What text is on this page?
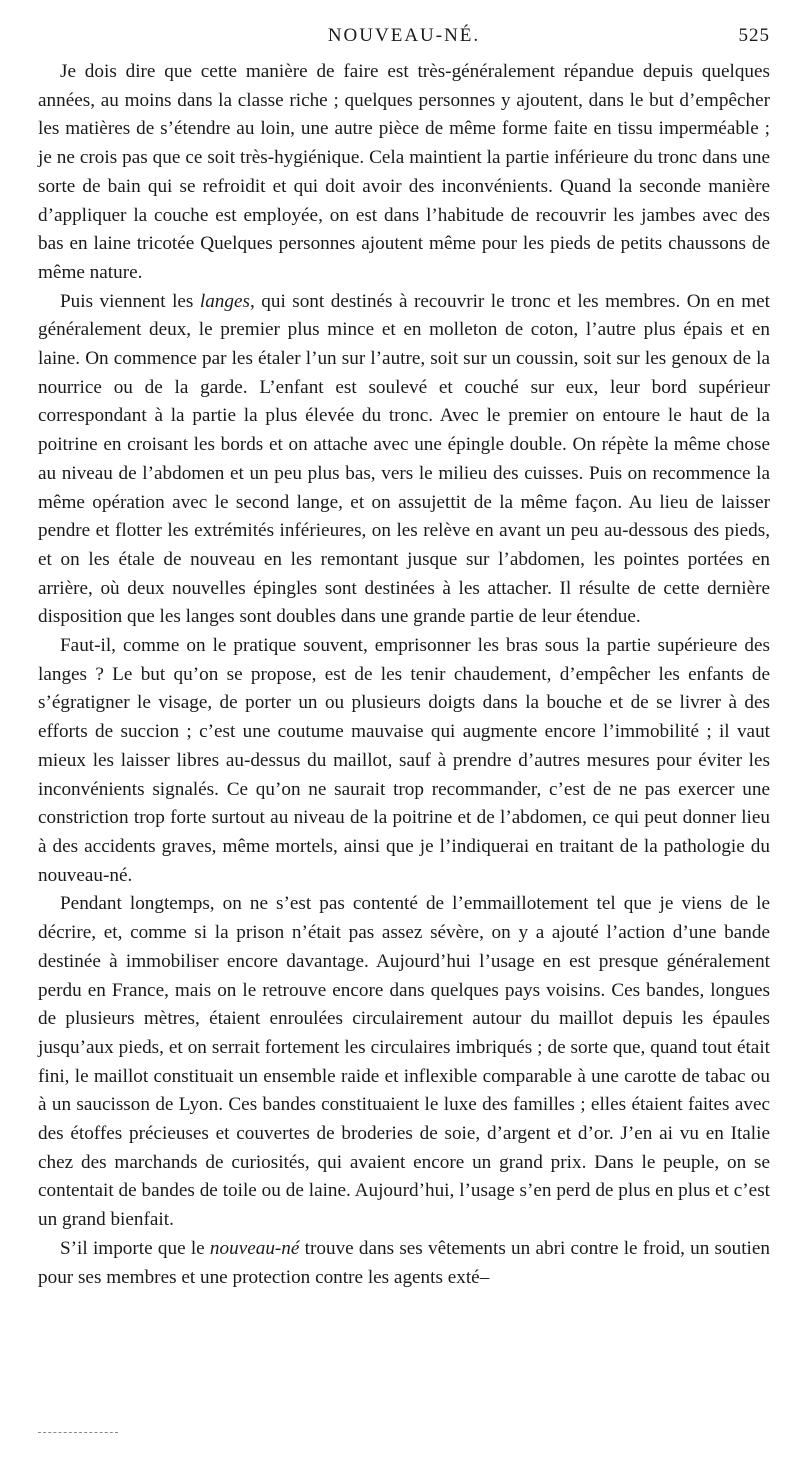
NOUVEAU-NÉ.	525

Je dois dire que cette manière de faire est très-généralement répandue depuis quelques années, au moins dans la classe riche ; quelques personnes y ajoutent, dans le but d’empêcher les matières de s’étendre au loin, une autre pièce de même forme faite en tissu imperméable ; je ne crois pas que ce soit très-hygiénique. Cela maintient la partie inférieure du tronc dans une sorte de bain qui se refroidit et qui doit avoir des inconvénients. Quand la seconde manière d’appliquer la couche est employée, on est dans l’habitude de recouvrir les jambes avec des bas en laine tricotée Quelques personnes ajoutent même pour les pieds de petits chaussons de même nature.

Puis viennent les langes, qui sont destinés à recouvrir le tronc et les membres. On en met généralement deux, le premier plus mince et en molleton de coton, l’autre plus épais et en laine. On commence par les étaler l’un sur l’autre, soit sur un coussin, soit sur les genoux de la nourrice ou de la garde. L’enfant est soulevé et couché sur eux, leur bord supérieur correspondant à la partie la plus élevée du tronc. Avec le premier on entoure le haut de la poitrine en croisant les bords et on attache avec une épingle double. On répète la même chose au niveau de l’abdomen et un peu plus bas, vers le milieu des cuisses. Puis on recommence la même opération avec le second lange, et on assujettit de la même façon. Au lieu de laisser pendre et flotter les extrémités inférieures, on les relève en avant un peu au-dessous des pieds, et on les étale de nouveau en les remontant jusque sur l’abdomen, les pointes portées en arrière, où deux nouvelles épingles sont destinées à les attacher. Il résulte de cette dernière disposition que les langes sont doubles dans une grande partie de leur étendue.

Faut-il, comme on le pratique souvent, emprisonner les bras sous la partie supérieure des langes ? Le but qu’on se propose, est de les tenir chaudement, d’empêcher les enfants de s’égratigner le visage, de porter un ou plusieurs doigts dans la bouche et de se livrer à des efforts de succion ; c’est une coutume mauvaise qui augmente encore l’immobilité ; il vaut mieux les laisser libres au-dessus du maillot, sauf à prendre d’autres mesures pour éviter les inconvénients signalés. Ce qu’on ne saurait trop recommander, c’est de ne pas exercer une constriction trop forte surtout au niveau de la poitrine et de l’abdomen, ce qui peut donner lieu à des accidents graves, même mortels, ainsi que je l’indiquerai en traitant de la pathologie du nouveau-né.

Pendant longtemps, on ne s’est pas contenté de l’emmaillotement tel que je viens de le décrire, et, comme si la prison n’était pas assez sévère, on y a ajouté l’action d’une bande destinée à immobiliser encore davantage. Aujourd’hui l’usage en est presque généralement perdu en France, mais on le retrouve encore dans quelques pays voisins. Ces bandes, longues de plusieurs mètres, étaient enroulées circulairement autour du maillot depuis les épaules jusqu’aux pieds, et on serrait fortement les circulaires imbriqués ; de sorte que, quand tout était fini, le maillot constituait un ensemble raide et inflexible comparable à une carotte de tabac ou à un saucisson de Lyon. Ces bandes constituaient le luxe des familles ; elles étaient faites avec des étoffes précieuses et couvertes de broderies de soie, d’argent et d’or. J’en ai vu en Italie chez des marchands de curiosités, qui avaient encore un grand prix. Dans le peuple, on se contentait de bandes de toile ou de laine. Aujourd’hui, l’usage s’en perd de plus en plus et c’est un grand bienfait.

S’il importe que le nouveau-né trouve dans ses vêtements un abri contre le froid, un soutien pour ses membres et une protection contre les agents exté–
